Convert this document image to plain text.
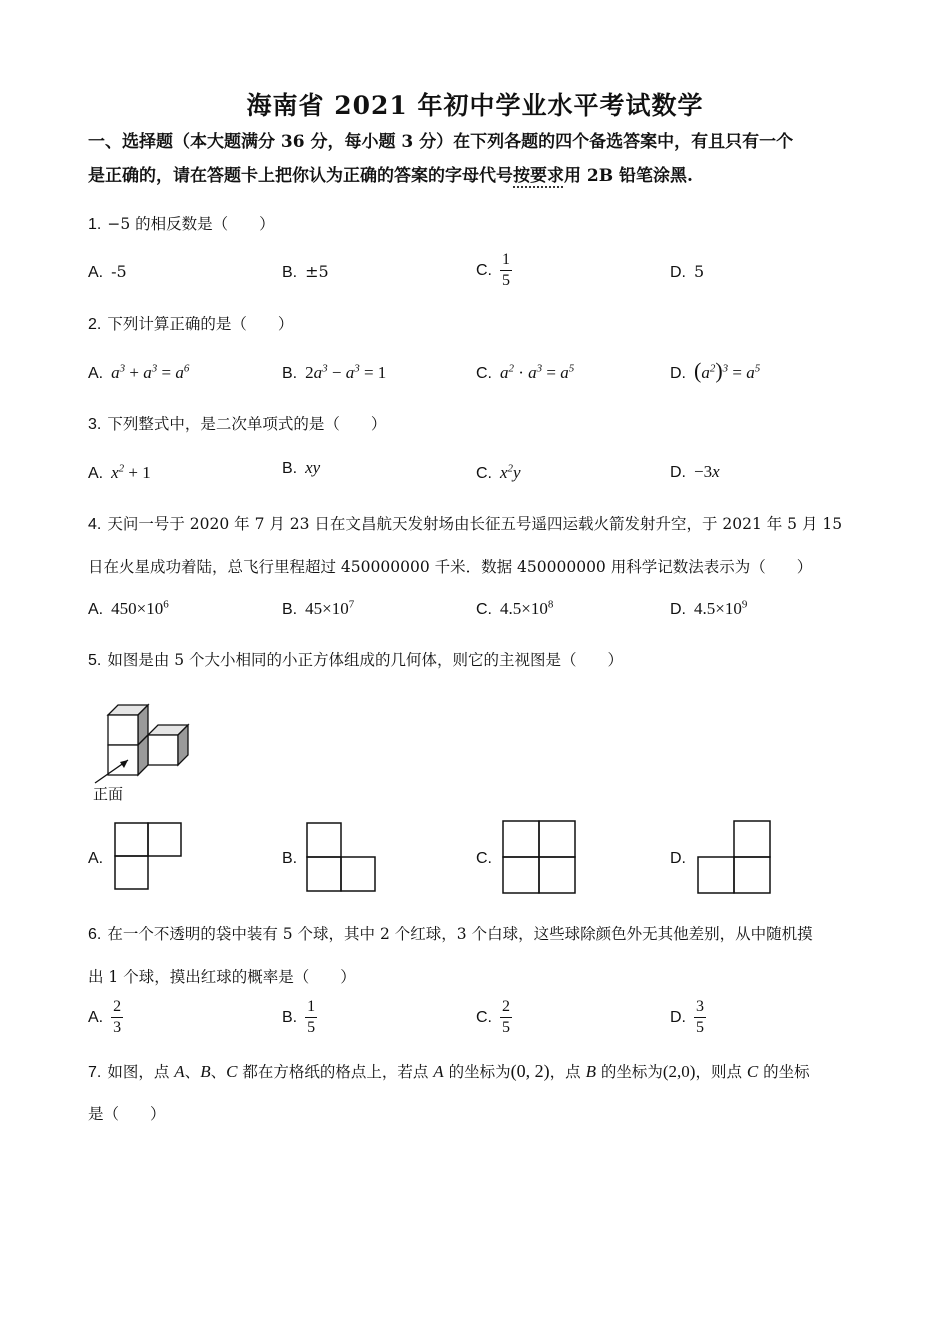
海南省 2021 年初中学业水平考试数学
一、选择题（本大题满分 36 分，每小题 3 分）在下列各题的四个备选答案中，有且只有一个
是正确的，请在答题卡上把你认为正确的答案的字母代号按要求用 2B 铅笔涂黑.
1. −5 的相反数是（　　）
A. -5	B. ±5	C. $\frac{1}{5}$	D. 5
2. 下列计算正确的是（　　）
A. $a^3 + a^3 = a^6$	B. $2a^3 - a^3 = 1$	C. $a^2 \cdot a^3 = a^5$	D. $(a^2)^3 = a^5$
3. 下列整式中，是二次单项式的是（　　）
A. $x^2 + 1$	B. xy	C. $x^2y$	D. −3x
4. 天问一号于 2020 年 7 月 23 日在文昌航天发射场由长征五号遥四运载火箭发射升空，于 2021 年 5 月 15
日在火星成功着陆，总飞行里程超过 450000000 千米．数据 450000000 用科学记数法表示为（　　）
A. $450\times 10^6$	B. $45\times 10^7$	C. $4.5\times 10^8$	D. $4.5\times 10^9$
5. 如图是由 5 个大小相同的小正方体组成的几何体，则它的主视图是（　　）
正面
A.	B.	C.	D.
6. 在一个不透明的袋中装有 5 个球，其中 2 个红球，3 个白球，这些球除颜色外无其他差别，从中随机摸
出 1 个球，摸出红球的概率是（　　）
A. $\frac{2}{3}$	B. $\frac{1}{5}$	C. $\frac{2}{5}$	D. $\frac{3}{5}$
7. 如图，点 A、B、C 都在方格纸的格点上，若点 A 的坐标为(0, 2)，点 B 的坐标为(2,0)，则点 C 的坐标
是（　　）
